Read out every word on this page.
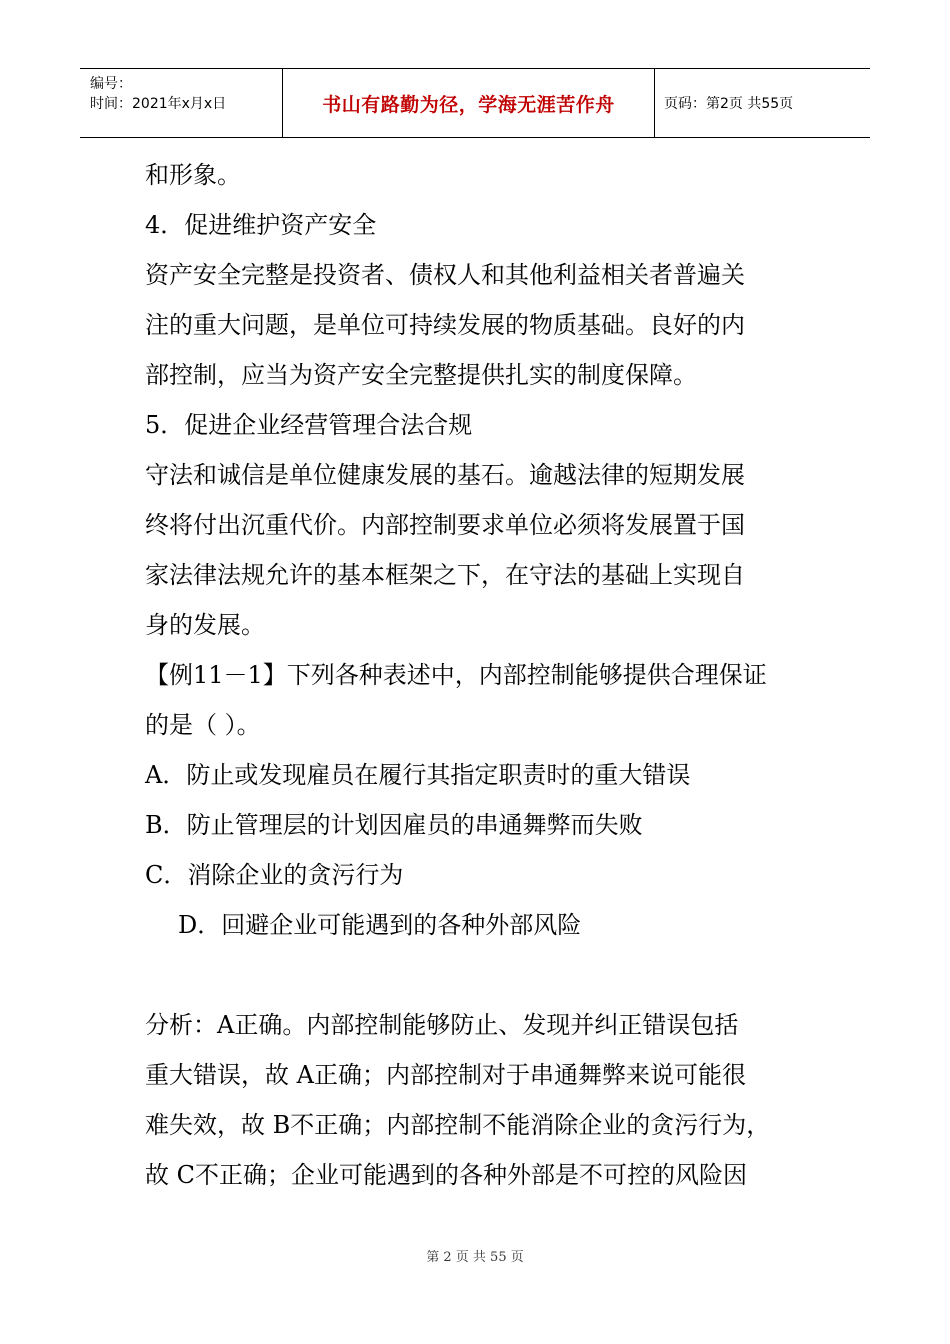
编号：
时间：2021年x月x日	书山有路勤为径，学海无涯苦作舟	页码：第2页 共55页
和形象。
4．促进维护资产安全
资产安全完整是投资者、债权人和其他利益相关者普遍关
注的重大问题，是单位可持续发展的物质基础。良好的内
部控制，应当为资产安全完整提供扎实的制度保障。
5．促进企业经营管理合法合规
守法和诚信是单位健康发展的基石。逾越法律的短期发展
终将付出沉重代价。内部控制要求单位必须将发展置于国
家法律法规允许的基本框架之下，在守法的基础上实现自
身的发展。
【例11－1】下列各种表述中，内部控制能够提供合理保证
的是（ ）。
A．防止或发现雇员在履行其指定职责时的重大错误
B．防止管理层的计划因雇员的串通舞弊而失败
C．消除企业的贪污行为
D．回避企业可能遇到的各种外部风险
分析：A正确。内部控制能够防止、发现并纠正错误包括
重大错误，故 A正确；内部控制对于串通舞弊来说可能很
难失效，故 B不正确；内部控制不能消除企业的贪污行为，
故 C不正确；企业可能遇到的各种外部是不可控的风险因
第 2 页 共 55 页
